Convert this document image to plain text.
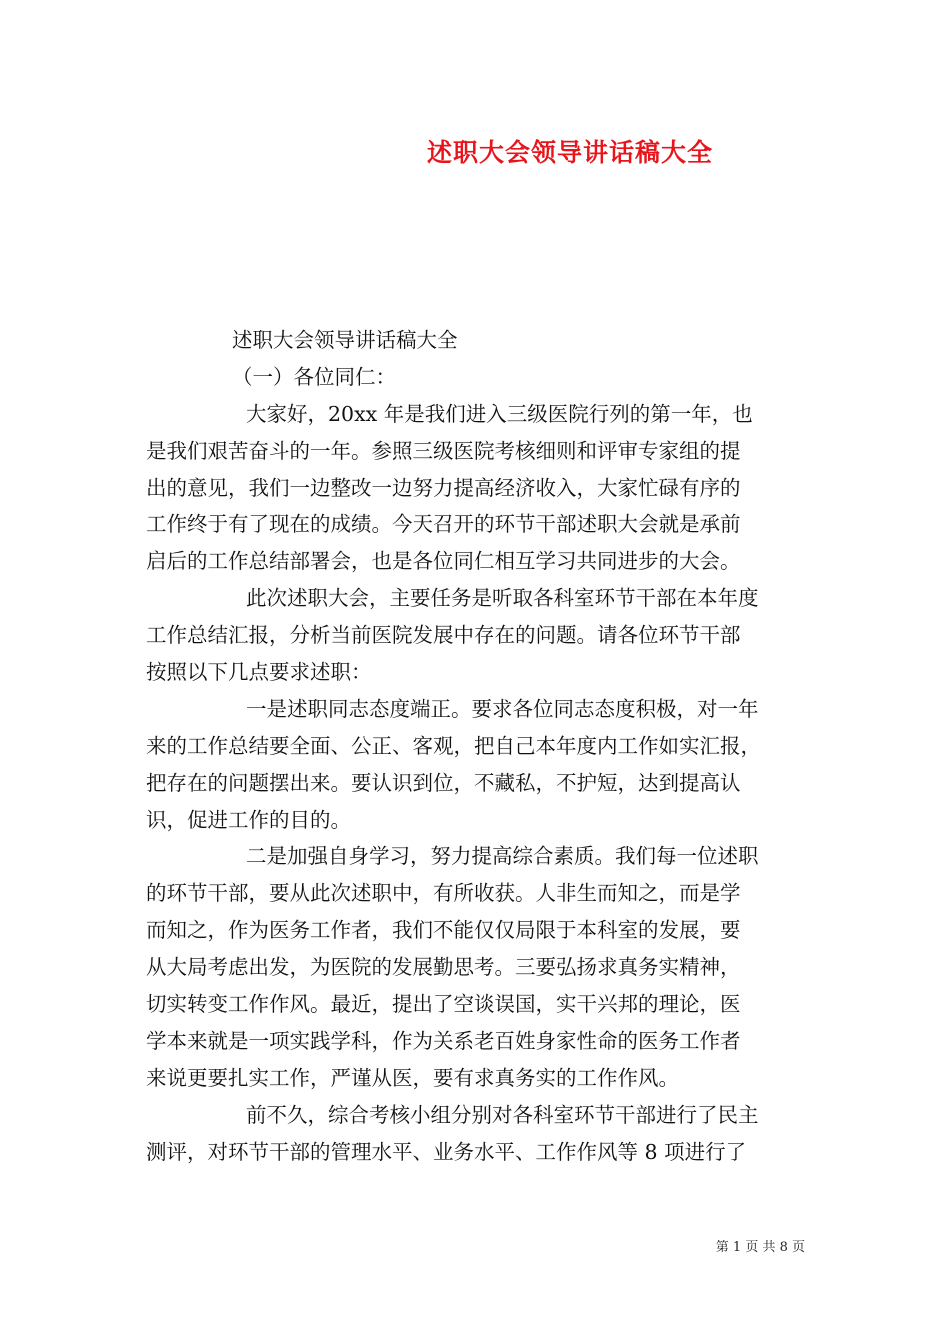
述职大会领导讲话稿大全
述职大会领导讲话稿大全
（一）各位同仁：
大家好，20xx 年是我们进入三级医院行列的第一年，也
是我们艰苦奋斗的一年。参照三级医院考核细则和评审专家组的提
出的意见，我们一边整改一边努力提高经济收入，大家忙碌有序的
工作终于有了现在的成绩。今天召开的环节干部述职大会就是承前
启后的工作总结部署会，也是各位同仁相互学习共同进步的大会。
此次述职大会，主要任务是听取各科室环节干部在本年度
工作总结汇报，分析当前医院发展中存在的问题。请各位环节干部
按照以下几点要求述职：
一是述职同志态度端正。要求各位同志态度积极，对一年
来的工作总结要全面、公正、客观，把自己本年度内工作如实汇报，
把存在的问题摆出来。要认识到位，不藏私，不护短，达到提高认
识，促进工作的目的。
二是加强自身学习，努力提高综合素质。我们每一位述职
的环节干部，要从此次述职中，有所收获。人非生而知之，而是学
而知之，作为医务工作者，我们不能仅仅局限于本科室的发展，要
从大局考虑出发，为医院的发展勤思考。三要弘扬求真务实精神，
切实转变工作作风。最近，提出了空谈误国，实干兴邦的理论，医
学本来就是一项实践学科，作为关系老百姓身家性命的医务工作者
来说更要扎实工作，严谨从医，要有求真务实的工作作风。
前不久，综合考核小组分别对各科室环节干部进行了民主
测评，对环节干部的管理水平、业务水平、工作作风等 8 项进行了
第 1 页 共 8 页
